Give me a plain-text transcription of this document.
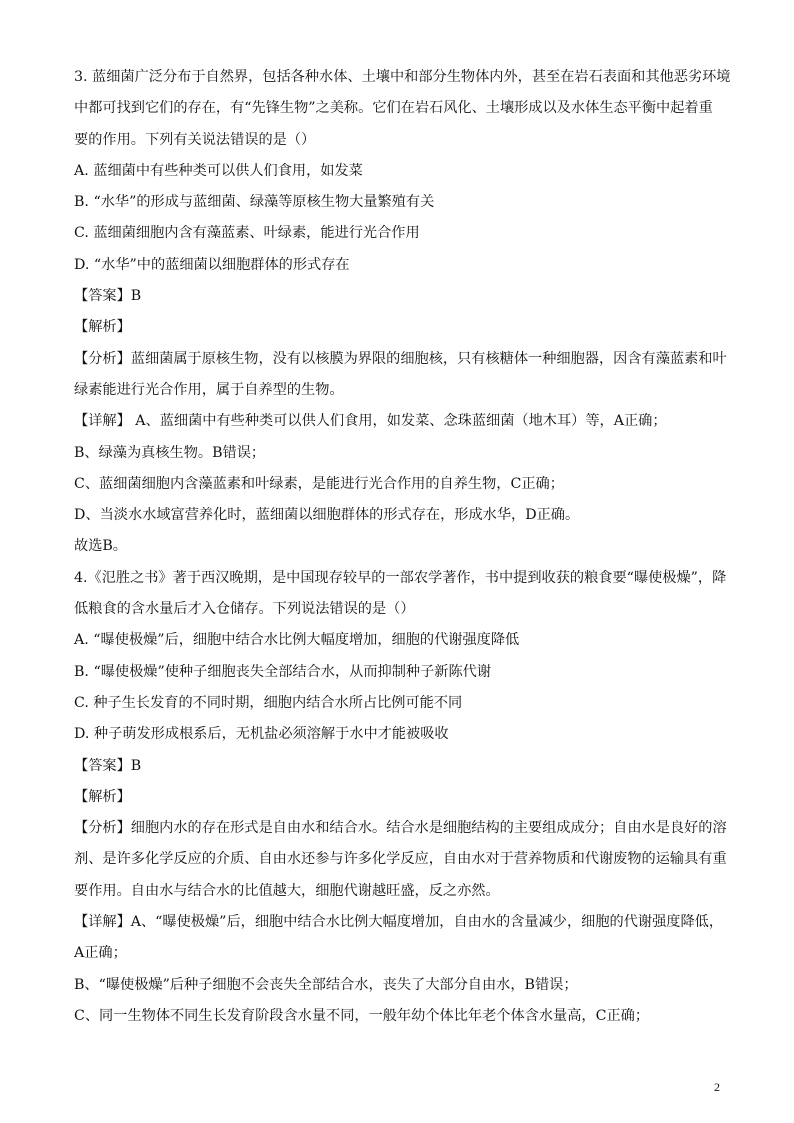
3. 蓝细菌广泛分布于自然界，包括各种水体、土壤中和部分生物体内外，甚至在岩石表面和其他恶劣环境
中都可找到它们的存在，有“先锋生物”之美称。它们在岩石风化、土壤形成以及水体生态平衡中起着重
要的作用。下列有关说法错误的是（）
A. 蓝细菌中有些种类可以供人们食用，如发菜
B. “水华”的形成与蓝细菌、绿藻等原核生物大量繁殖有关
C. 蓝细菌细胞内含有藻蓝素、叶绿素，能进行光合作用
D. “水华”中的蓝细菌以细胞群体的形式存在
【答案】B
【解析】
【分析】蓝细菌属于原核生物，没有以核膜为界限的细胞核，只有核糖体一种细胞器，因含有藻蓝素和叶
绿素能进行光合作用，属于自养型的生物。
【详解】 A、蓝细菌中有些种类可以供人们食用，如发菜、念珠蓝细菌（地木耳）等，A正确；
B、绿藻为真核生物。B错误；
C、蓝细菌细胞内含藻蓝素和叶绿素，是能进行光合作用的自养生物，C正确；
D、当淡水水域富营养化时，蓝细菌以细胞群体的形式存在，形成水华，D正确。
故选B。
4.《氾胜之书》著于西汉晚期，是中国现存较早的一部农学著作，书中提到收获的粮食要“曝使极燥”，降
低粮食的含水量后才入仓储存。下列说法错误的是（）
A. “曝使极燥”后，细胞中结合水比例大幅度增加，细胞的代谢强度降低
B. “曝使极燥”使种子细胞丧失全部结合水，从而抑制种子新陈代谢
C. 种子生长发育的不同时期，细胞内结合水所占比例可能不同
D. 种子萌发形成根系后，无机盐必须溶解于水中才能被吸收
【答案】B
【解析】
【分析】细胞内水的存在形式是自由水和结合水。结合水是细胞结构的主要组成成分；自由水是良好的溶
剂、是许多化学反应的介质、自由水还参与许多化学反应，自由水对于营养物质和代谢废物的运输具有重
要作用。自由水与结合水的比值越大，细胞代谢越旺盛，反之亦然。
【详解】A、“曝使极燥”后，细胞中结合水比例大幅度增加，自由水的含量减少，细胞的代谢强度降低，
A正确；
B、“曝使极燥”后种子细胞不会丧失全部结合水，丧失了大部分自由水，B错误；
C、同一生物体不同生长发育阶段含水量不同，一般年幼个体比年老个体含水量高，C正确；
2
